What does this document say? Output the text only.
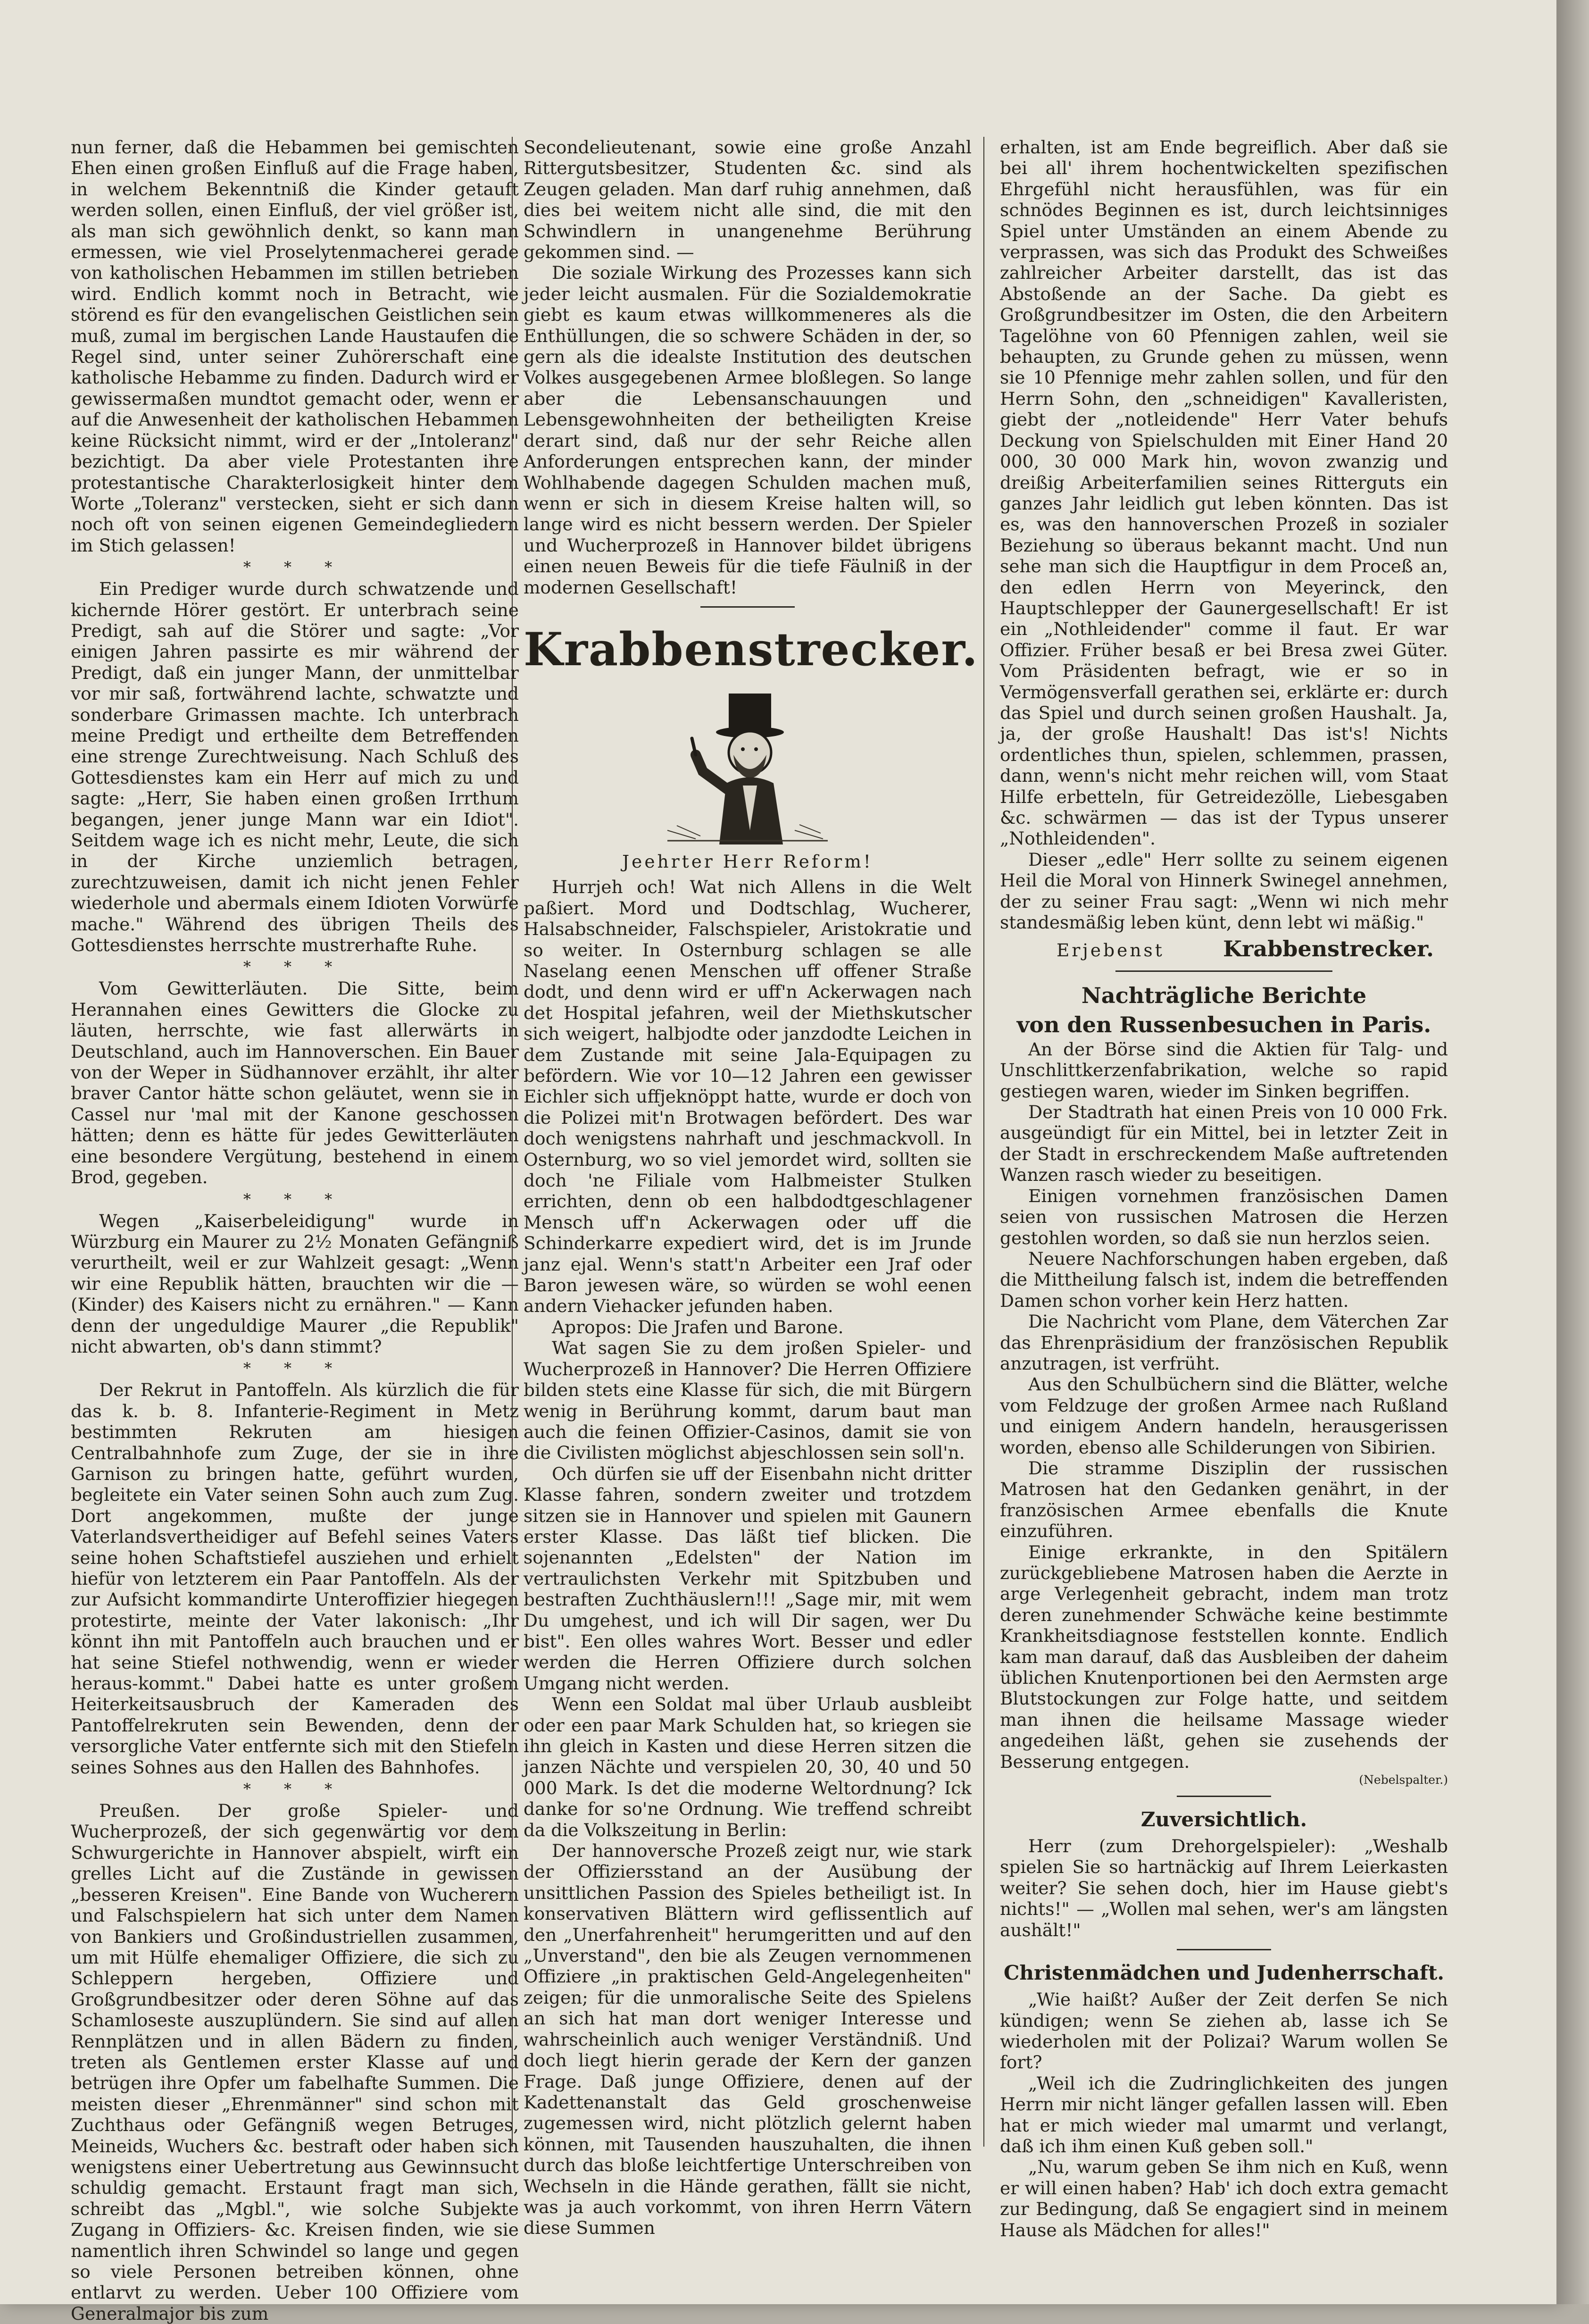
nun ferner, daß die Hebammen bei gemischten Ehen einen großen Einfluß auf die Frage haben, in welchem Bekenntniß die Kinder getauft werden sollen, einen Einfluß, der viel größer ist, als man sich gewöhnlich denkt, so kann man ermessen, wie viel Proselytenmacherei gerade von katholischen Hebammen im stillen betrieben wird. Endlich kommt noch in Betracht, wie störend es für den evangelischen Geistlichen sein muß, zumal im bergischen Lande Haustaufen die Regel sind, unter seiner Zuhörerschaft eine katholische Hebamme zu finden. Dadurch wird er gewissermaßen mundtot gemacht oder, wenn er auf die Anwesenheit der katholischen Hebammen keine Rücksicht nimmt, wird er der „Intoleranz" bezichtigt. Da aber viele Protestanten ihre protestantische Charakterlosigkeit hinter dem Worte „Toleranz" verstecken, sieht er sich dann noch oft von seinen eigenen Gemeindegliedern im Stich gelassen!

* * *

Ein Prediger wurde durch schwatzende und kichernde Hörer gestört. Er unterbrach seine Predigt, sah auf die Störer und sagte: „Vor einigen Jahren passirte es mir während der Predigt, daß ein junger Mann, der unmittelbar vor mir saß, fortwährend lachte, schwatzte und sonderbare Grimassen machte. Ich unterbrach meine Predigt und ertheilte dem Betreffenden eine strenge Zurechtweisung. Nach Schluß des Gottesdienstes kam ein Herr auf mich zu und sagte: „Herr, Sie haben einen großen Irrthum begangen, jener junge Mann war ein Idiot". Seitdem wage ich es nicht mehr, Leute, die sich in der Kirche unziemlich betragen, zurechtzuweisen, damit ich nicht jenen Fehler wiederhole und abermals einem Idioten Vorwürfe mache." Während des übrigen Theils des Gottesdienstes herrschte mustrerhafte Ruhe.

* * *

Vom Gewitterläuten. Die Sitte, beim Herannahen eines Gewitters die Glocke zu läuten, herrschte, wie fast allerwärts in Deutschland, auch im Hannoverschen. Ein Bauer von der Weper in Südhannover erzählt, ihr alter braver Cantor hätte schon geläutet, wenn sie in Cassel nur 'mal mit der Kanone geschossen hätten; denn es hätte für jedes Gewitterläuten eine besondere Vergütung, bestehend in einem Brod, gegeben.

* * *

Wegen „Kaiserbeleidigung" wurde in Würzburg ein Maurer zu 2½ Monaten Gefängniß verurtheilt, weil er zur Wahlzeit gesagt: „Wenn wir eine Republik hätten, brauchten wir die — (Kinder) des Kaisers nicht zu ernähren." — Kann denn der ungeduldige Maurer „die Republik" nicht abwarten, ob's dann stimmt?

* * *

Der Rekrut in Pantoffeln. Als kürzlich die für das k. b. 8. Infanterie-Regiment in Metz bestimmten Rekruten am hiesigen Centralbahnhofe zum Zuge, der sie in ihre Garnison zu bringen hatte, geführt wurden, begleitete ein Vater seinen Sohn auch zum Zug. Dort angekommen, mußte der junge Vaterlandsvertheidiger auf Befehl seines Vaters seine hohen Schaftstiefel ausziehen und erhielt hiefür von letzterem ein Paar Pantoffeln. Als der zur Aufsicht kommandirte Unteroffizier hiegegen protestirte, meinte der Vater lakonisch: „Ihr könnt ihn mit Pantoffeln auch brauchen und er hat seine Stiefel nothwendig, wenn er wieder heraus-kommt." Dabei hatte es unter großem Heiterkeitsausbruch der Kameraden des Pantoffelrekruten sein Bewenden, denn der versorgliche Vater entfernte sich mit den Stiefeln seines Sohnes aus den Hallen des Bahnhofes.

* * *

Preußen. Der große Spieler- und Wucherprozeß, der sich gegenwärtig vor dem Schwurgerichte in Hannover abspielt, wirft ein grelles Licht auf die Zustände in gewissen „besseren Kreisen". Eine Bande von Wucherern und Falschspielern hat sich unter dem Namen von Bankiers und Großindustriellen zusammen, um mit Hülfe ehemaliger Offiziere, die sich zu Schleppern hergeben, Offiziere und Großgrundbesitzer oder deren Söhne auf das Schamloseste auszuplündern. Sie sind auf allen Rennplätzen und in allen Bädern zu finden, treten als Gentlemen erster Klasse auf und betrügen ihre Opfer um fabelhafte Summen. Die meisten dieser „Ehrenmänner" sind schon mit Zuchthaus oder Gefängniß wegen Betruges, Meineids, Wuchers &c. bestraft oder haben sich wenigstens einer Uebertretung aus Gewinnsucht schuldig gemacht. Erstaunt fragt man sich, schreibt das „Mgbl.", wie solche Subjekte Zugang in Offiziers- &c. Kreisen finden, wie sie namentlich ihren Schwindel so lange und gegen so viele Personen betreiben können, ohne entlarvt zu werden. Ueber 100 Offiziere vom Generalmajor bis zum

Secondelieutenant, sowie eine große Anzahl Rittergutsbesitzer, Studenten &c. sind als Zeugen geladen. Man darf ruhig annehmen, daß dies bei weitem nicht alle sind, die mit den Schwindlern in unangenehme Berührung gekommen sind. —

Die soziale Wirkung des Prozesses kann sich jeder leicht ausmalen. Für die Sozialdemokratie giebt es kaum etwas willkommeneres als die Enthüllungen, die so schwere Schäden in der, so gern als die idealste Institution des deutschen Volkes ausgegebenen Armee bloßlegen. So lange aber die Lebensanschauungen und Lebensgewohnheiten der betheiligten Kreise derart sind, daß nur der sehr Reiche allen Anforderungen entsprechen kann, der minder Wohlhabende dagegen Schulden machen muß, wenn er sich in diesem Kreise halten will, so lange wird es nicht bessern werden. Der Spieler und Wucherprozeß in Hannover bildet übrigens einen neuen Beweis für die tiefe Fäulniß in der modernen Gesellschaft!

Krabbenstrecker.
Jeehrter Herr Reform!

Hurrjeh och! Wat nich Allens in die Welt paßiert. Mord und Dodtschlag, Wucherer, Halsabschneider, Falschspieler, Aristokratie und so weiter. In Osternburg schlagen se alle Naselang eenen Menschen uff offener Straße dodt, und denn wird er uff'n Ackerwagen nach det Hospital jefahren, weil der Miethskutscher sich weigert, halbjodte oder janzdodte Leichen in dem Zustande mit seine Jala-Equipagen zu befördern. Wie vor 10—12 Jahren een gewisser Eichler sich uffjeknöppt hatte, wurde er doch von die Polizei mit'n Brotwagen befördert. Des war doch wenigstens nahrhaft und jeschmackvoll. In Osternburg, wo so viel jemordet wird, sollten sie doch 'ne Filiale vom Halbmeister Stulken errichten, denn ob een halbdodtgeschlagener Mensch uff'n Ackerwagen oder uff die Schinderkarre expediert wird, det is im Jrunde janz ejal. Wenn's statt'n Arbeiter een Jraf oder Baron jewesen wäre, so würden se wohl eenen andern Viehacker jefunden haben.

Apropos: Die Jrafen und Barone.

Wat sagen Sie zu dem jroßen Spieler- und Wucherprozeß in Hannover? Die Herren Offiziere bilden stets eine Klasse für sich, die mit Bürgern wenig in Berührung kommt, darum baut man auch die feinen Offizier-Casinos, damit sie von die Civilisten möglichst abjeschlossen sein soll'n.

Och dürfen sie uff der Eisenbahn nicht dritter Klasse fahren, sondern zweiter und trotzdem sitzen sie in Hannover und spielen mit Gaunern erster Klasse. Das läßt tief blicken. Die sojenannten „Edelsten" der Nation im vertraulichsten Verkehr mit Spitzbuben und bestraften Zuchthäuslern!!! „Sage mir, mit wem Du umgehest, und ich will Dir sagen, wer Du bist". Een olles wahres Wort. Besser und edler werden die Herren Offiziere durch solchen Umgang nicht werden.

Wenn een Soldat mal über Urlaub ausbleibt oder een paar Mark Schulden hat, so kriegen sie ihn gleich in Kasten und diese Herren sitzen die janzen Nächte und verspielen 20, 30, 40 und 50 000 Mark. Is det die moderne Weltordnung? Ick danke for so'ne Ordnung. Wie treffend schreibt da die Volkszeitung in Berlin:

Der hannoversche Prozeß zeigt nur, wie stark der Offiziersstand an der Ausübung der unsittlichen Passion des Spieles betheiligt ist. In konservativen Blättern wird geflissentlich auf den „Unerfahrenheit" herumgeritten und auf den „Unverstand", den bie als Zeugen vernommenen Offiziere „in praktischen Geld-Angelegenheiten" zeigen; für die unmoralische Seite des Spielens an sich hat man dort weniger Interesse und wahrscheinlich auch weniger Verständniß. Und doch liegt hierin gerade der Kern der ganzen Frage. Daß junge Offiziere, denen auf der Kadettenanstalt das Geld groschenweise zugemessen wird, nicht plötzlich gelernt haben können, mit Tausenden hauszuhalten, die ihnen durch das bloße leichtfertige Unterschreiben von Wechseln in die Hände gerathen, fällt sie nicht, was ja auch vorkommt, von ihren Herrn Vätern diese Summen

erhalten, ist am Ende begreiflich. Aber daß sie bei all' ihrem hochentwickelten spezifischen Ehrgefühl nicht herausfühlen, was für ein schnödes Beginnen es ist, durch leichtsinniges Spiel unter Umständen an einem Abende zu verprassen, was sich das Produkt des Schweißes zahlreicher Arbeiter darstellt, das ist das Abstoßende an der Sache. Da giebt es Großgrundbesitzer im Osten, die den Arbeitern Tagelöhne von 60 Pfennigen zahlen, weil sie behaupten, zu Grunde gehen zu müssen, wenn sie 10 Pfennige mehr zahlen sollen, und für den Herrn Sohn, den „schneidigen" Kavalleristen, giebt der „notleidende" Herr Vater behufs Deckung von Spielschulden mit Einer Hand 20 000, 30 000 Mark hin, wovon zwanzig und dreißig Arbeiterfamilien seines Ritterguts ein ganzes Jahr leidlich gut leben könnten. Das ist es, was den hannoverschen Prozeß in sozialer Beziehung so überaus bekannt macht. Und nun sehe man sich die Hauptfigur in dem Proceß an, den edlen Herrn von Meyerinck, den Hauptschlepper der Gaunergesellschaft! Er ist ein „Nothleidender" comme il faut. Er war Offizier. Früher besaß er bei Bresa zwei Güter. Vom Präsidenten befragt, wie er so in Vermögensverfall gerathen sei, erklärte er: durch das Spiel und durch seinen großen Haushalt. Ja, ja, der große Haushalt! Das ist's! Nichts ordentliches thun, spielen, schlemmen, prassen, dann, wenn's nicht mehr reichen will, vom Staat Hilfe erbetteln, für Getreidezölle, Liebesgaben &c. schwärmen — das ist der Typus unserer „Nothleidenden".

Dieser „edle" Herr sollte zu seinem eigenen Heil die Moral von Hinnerk Swinegel annehmen, der zu seiner Frau sagt: „Wenn wi nich mehr standesmäßig leben künt, denn lebt wi mäßig."

Erjebenst	Krabbenstrecker.
Nachträgliche Berichte
von den Russenbesuchen in Paris.

An der Börse sind die Aktien für Talg- und Unschlittkerzenfabrikation, welche so rapid gestiegen waren, wieder im Sinken begriffen.

Der Stadtrath hat einen Preis von 10 000 Frk. ausgeündigt für ein Mittel, bei in letzter Zeit in der Stadt in erschreckendem Maße auftretenden Wanzen rasch wieder zu beseitigen.

Einigen vornehmen französischen Damen seien von russischen Matrosen die Herzen gestohlen worden, so daß sie nun herzlos seien.

Neuere Nachforschungen haben ergeben, daß die Mittheilung falsch ist, indem die betreffenden Damen schon vorher kein Herz hatten.

Die Nachricht vom Plane, dem Väterchen Zar das Ehrenpräsidium der französischen Republik anzutragen, ist verfrüht.

Aus den Schulbüchern sind die Blätter, welche vom Feldzuge der großen Armee nach Rußland und einigem Andern handeln, herausgerissen worden, ebenso alle Schilderungen von Sibirien.

Die stramme Disziplin der russischen Matrosen hat den Gedanken genährt, in der französischen Armee ebenfalls die Knute einzuführen.

Einige erkrankte, in den Spitälern zurückgebliebene Matrosen haben die Aerzte in arge Verlegenheit gebracht, indem man trotz deren zunehmender Schwäche keine bestimmte Krankheitsdiagnose feststellen konnte. Endlich kam man darauf, daß das Ausbleiben der daheim üblichen Knutenportionen bei den Aermsten arge Blutstockungen zur Folge hatte, und seitdem man ihnen die heilsame Massage wieder angedeihen läßt, gehen sie zusehends der Besserung entgegen.

(Nebelspalter.)
Zuversichtlich.

Herr (zum Drehorgelspieler): „Weshalb spielen Sie so hartnäckig auf Ihrem Leierkasten weiter? Sie sehen doch, hier im Hause giebt's nichts!" — „Wollen mal sehen, wer's am längsten aushält!"

Christenmädchen und Judenherrschaft.

„Wie haißt? Außer der Zeit derfen Se nich kündigen; wenn Se ziehen ab, lasse ich Se wiederholen mit der Polizai? Warum wollen Se fort?

„Weil ich die Zudringlichkeiten des jungen Herrn mir nicht länger gefallen lassen will. Eben hat er mich wieder mal umarmt und verlangt, daß ich ihm einen Kuß geben soll."

„Nu, warum geben Se ihm nich en Kuß, wenn er will einen haben? Hab' ich doch extra gemacht zur Bedingung, daß Se engagiert sind in meinem Hause als Mädchen for alles!"
